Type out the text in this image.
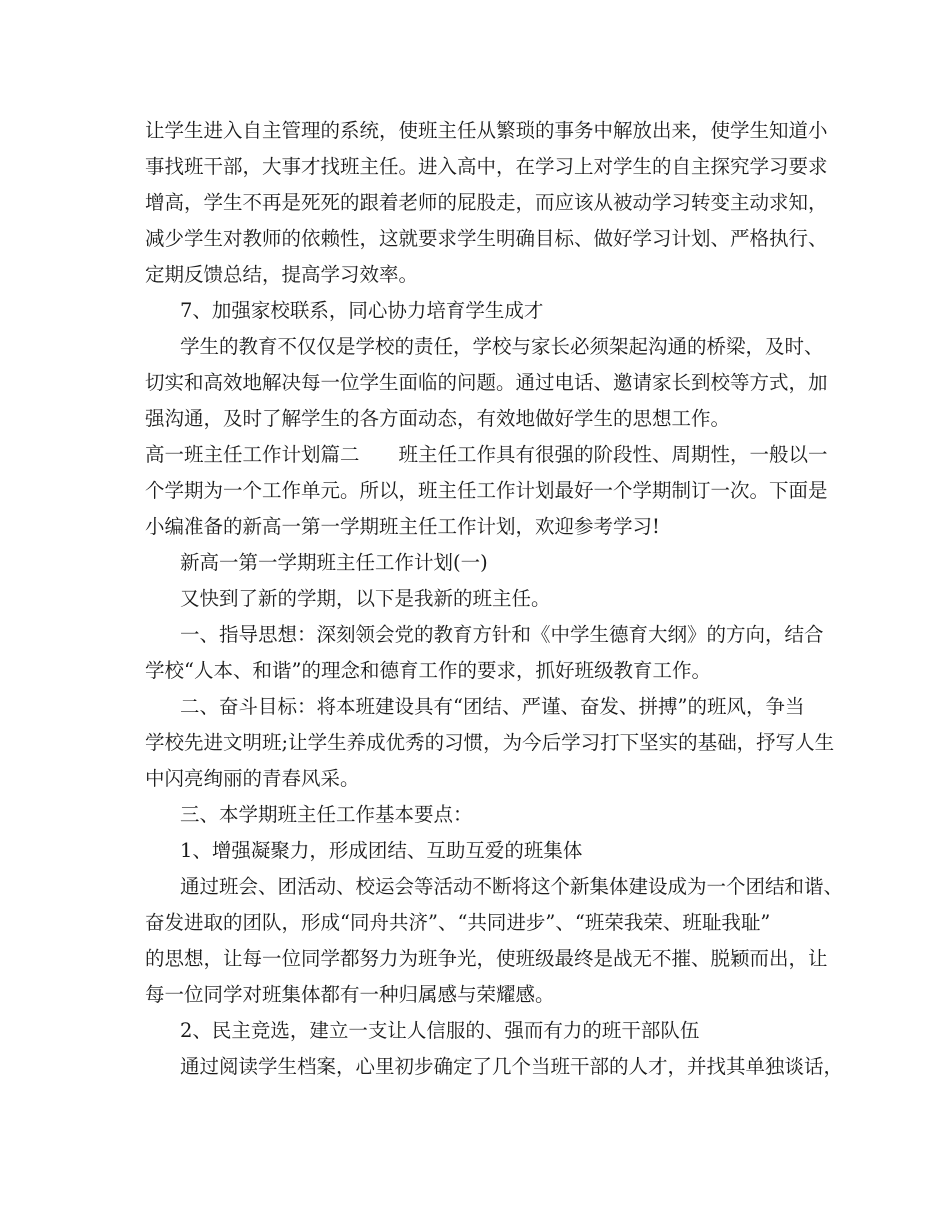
让学生进入自主管理的系统，使班主任从繁琐的事务中解放出来，使学生知道小
事找班干部，大事才找班主任。进入高中，在学习上对学生的自主探究学习要求
增高，学生不再是死死的跟着老师的屁股走，而应该从被动学习转变主动求知，
减少学生对教师的依赖性，这就要求学生明确目标、做好学习计划、严格执行、
定期反馈总结，提高学习效率。
7、加强家校联系，同心协力培育学生成才
学生的教育不仅仅是学校的责任，学校与家长必须架起沟通的桥梁，及时、
切实和高效地解决每一位学生面临的问题。通过电话、邀请家长到校等方式，加
强沟通，及时了解学生的各方面动态，有效地做好学生的思想工作。
高一班主任工作计划篇二　　班主任工作具有很强的阶段性、周期性，一般以一
个学期为一个工作单元。所以，班主任工作计划最好一个学期制订一次。下面是
小编准备的新高一第一学期班主任工作计划，欢迎参考学习!
新高一第一学期班主任工作计划(一)
又快到了新的学期，以下是我新的班主任。
一、指导思想：深刻领会党的教育方针和《中学生德育大纲》的方向，结合
学校“人本、和谐”的理念和德育工作的要求，抓好班级教育工作。
二、奋斗目标：将本班建设具有“团结、严谨、奋发、拼搏”的班风，争当
学校先进文明班;让学生养成优秀的习惯，为今后学习打下坚实的基础，抒写人生
中闪亮绚丽的青春风采。
三、本学期班主任工作基本要点：
1、增强凝聚力，形成团结、互助互爱的班集体
通过班会、团活动、校运会等活动不断将这个新集体建设成为一个团结和谐、
奋发进取的团队，形成“同舟共济”、“共同进步”、“班荣我荣、班耻我耻”
的思想，让每一位同学都努力为班争光，使班级最终是战无不摧、脱颖而出，让
每一位同学对班集体都有一种归属感与荣耀感。
2、民主竞选，建立一支让人信服的、强而有力的班干部队伍
通过阅读学生档案，心里初步确定了几个当班干部的人才，并找其单独谈话，
